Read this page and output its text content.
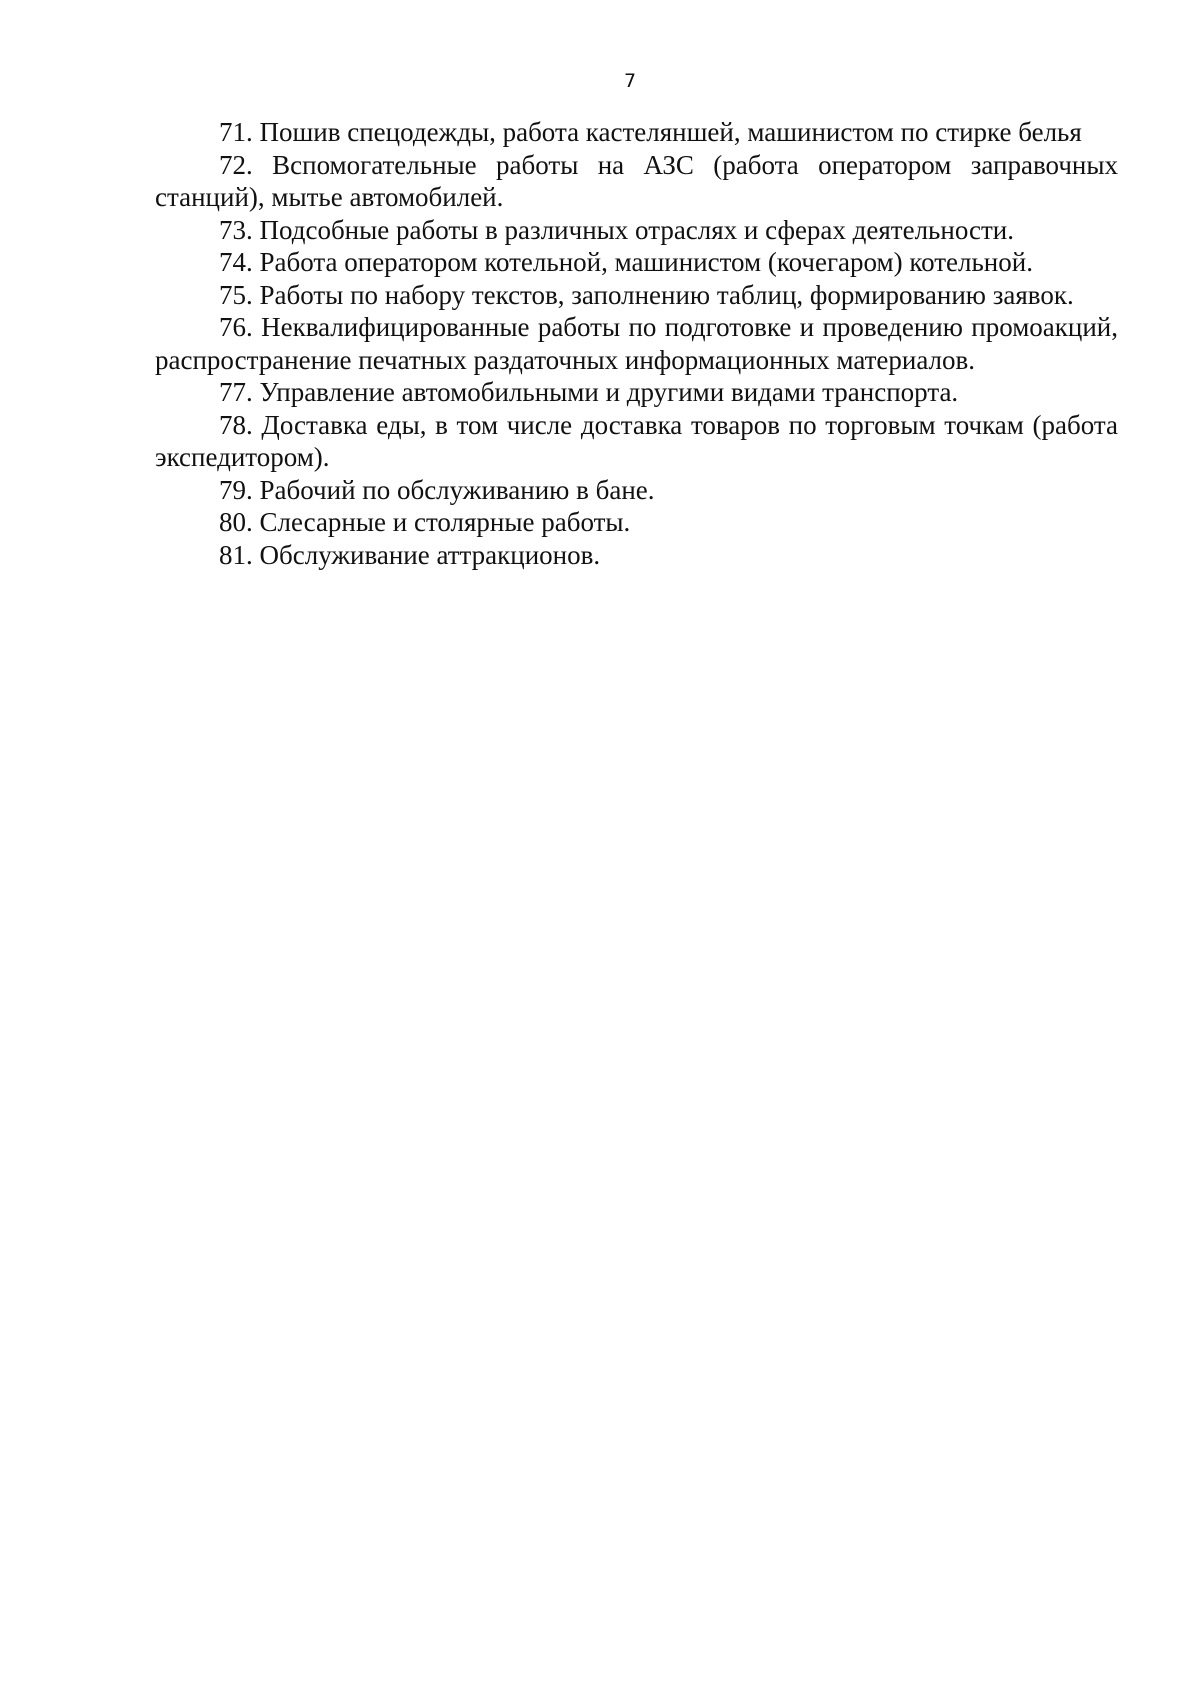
7

71. Пошив спецодежды, работа кастеляншей, машинистом по стирке белья

72. Вспомогательные работы на АЗС (работа оператором заправочных станций), мытье автомобилей.

73. Подсобные работы в различных отраслях и сферах деятельности.

74. Работа оператором котельной, машинистом (кочегаром) котельной.

75. Работы по набору текстов, заполнению таблиц, формированию заявок.

76. Неквалифицированные работы по подготовке и проведению промоакций, распространение печатных раздаточных информационных материалов.

77. Управление автомобильными и другими видами транспорта.

78. Доставка еды, в том числе доставка товаров по торговым точкам (работа экспедитором).

79. Рабочий по обслуживанию в бане.

80. Слесарные и столярные работы.

81. Обслуживание аттракционов.
